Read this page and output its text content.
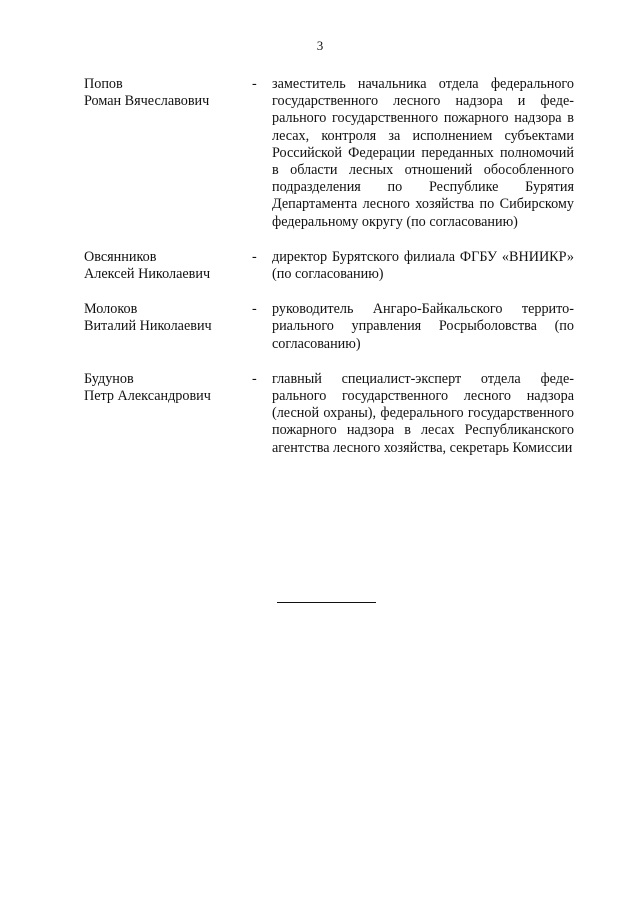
3
Попов
Роман Вячеславович
-	заместитель начальника отдела федерального государственного лесного надзора и федерального государственного пожарного надзора в лесах, контроля за исполнением субъектами Российской Федерации переданных полномочий в области лесных отношений обособленного подразделения по Республике Бурятия Департамента лесного хозяйства по Сибирскому федеральному округу (по согласованию)
Овсянников
Алексей Николаевич
-	директор Бурятского филиала ФГБУ «ВНИИКР» (по согласованию)
Молоков
Виталий Николаевич
-	руководитель Ангаро-Байкальского территориального управления Росрыболовства (по согласованию)
Будунов
Петр Александрович
-	главный специалист-эксперт отдела федерального государственного лесного надзора (лесной охраны), федерального государственного пожарного надзора в лесах Республиканского агентства лесного хозяйства, секретарь Комиссии
